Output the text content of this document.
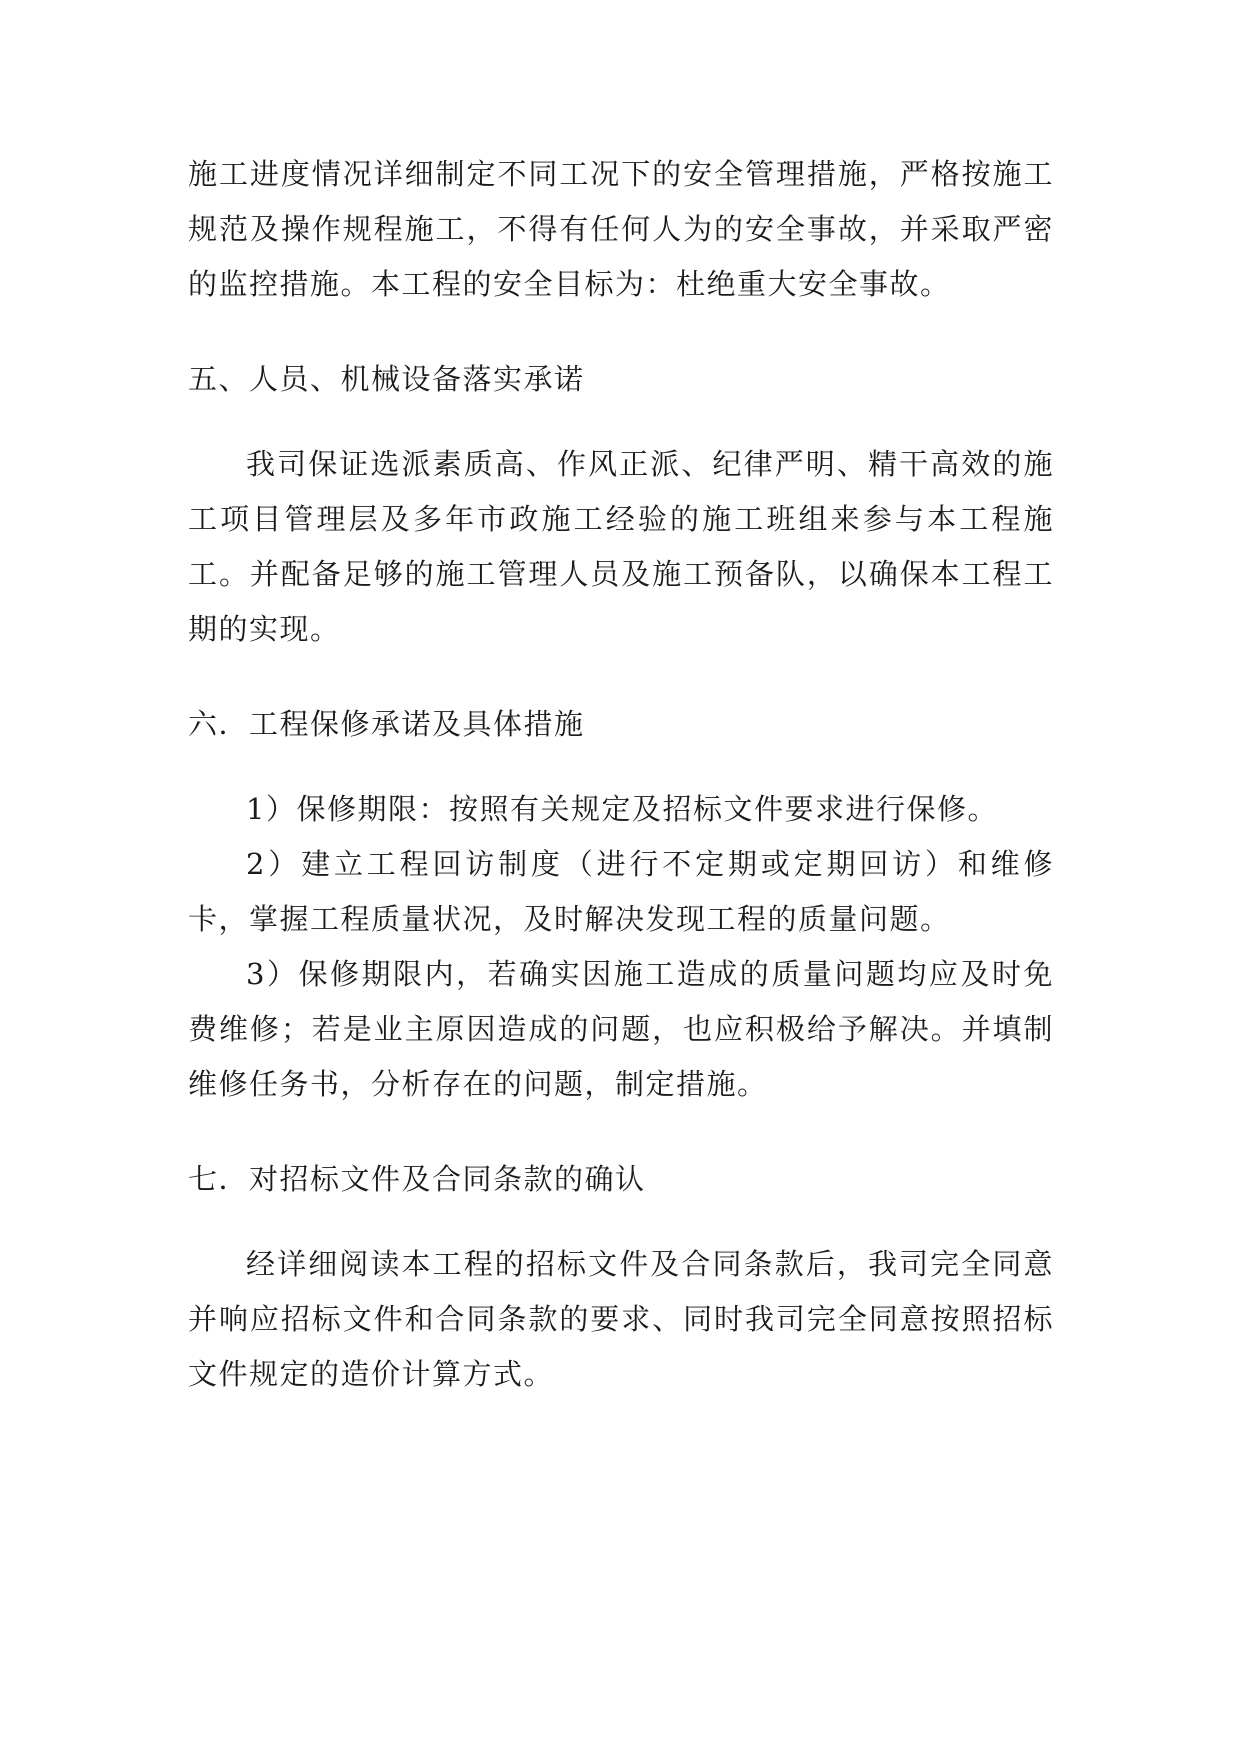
施工进度情况详细制定不同工况下的安全管理措施，严格按施工规范及操作规程施工，不得有任何人为的安全事故，并采取严密的监控措施。本工程的安全目标为：杜绝重大安全事故。

五、人员、机械设备落实承诺

我司保证选派素质高、作风正派、纪律严明、精干高效的施工项目管理层及多年市政施工经验的施工班组来参与本工程施工。并配备足够的施工管理人员及施工预备队，以确保本工程工期的实现。

六．工程保修承诺及具体措施

1）保修期限：按照有关规定及招标文件要求进行保修。

2）建立工程回访制度（进行不定期或定期回访）和维修卡，掌握工程质量状况，及时解决发现工程的质量问题。

3）保修期限内，若确实因施工造成的质量问题均应及时免费维修；若是业主原因造成的问题，也应积极给予解决。并填制维修任务书，分析存在的问题，制定措施。

七．对招标文件及合同条款的确认

经详细阅读本工程的招标文件及合同条款后，我司完全同意并响应招标文件和合同条款的要求、同时我司完全同意按照招标文件规定的造价计算方式。
